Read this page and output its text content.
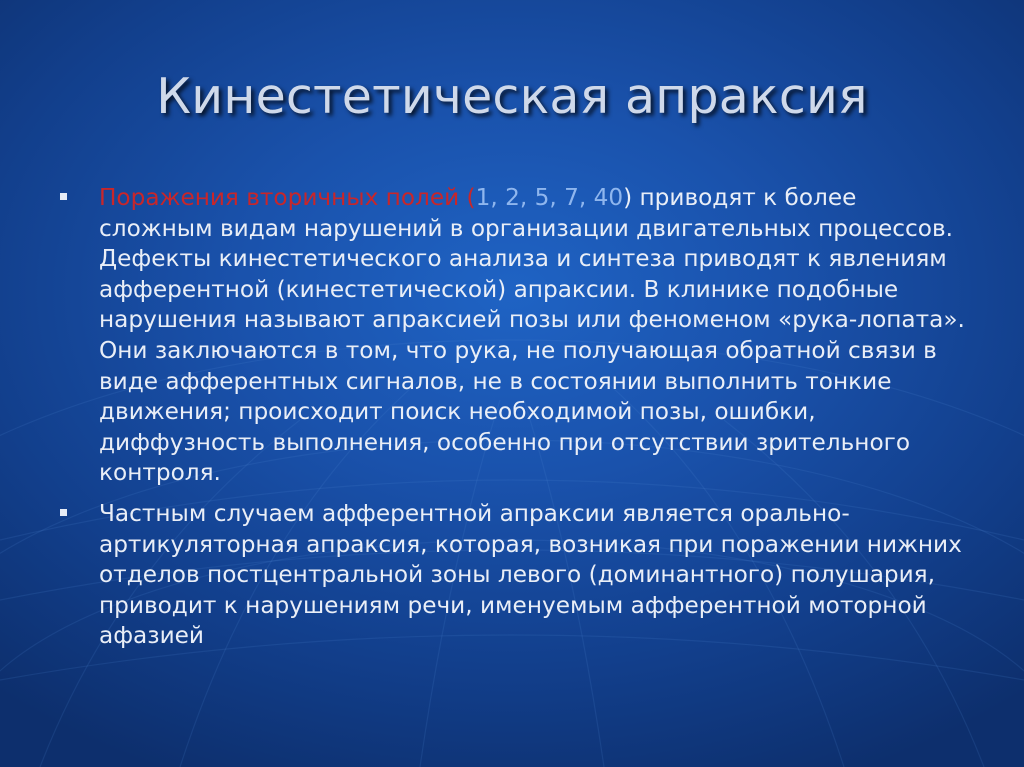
Кинестетическая апраксия
Поражения вторичных полей (1, 2, 5, 7, 40) приводят к более сложным видам нарушений в организации двигательных процессов. Дефекты кинестетического анализа и синтеза приводят к явлениям афферентной (кинестетической) апраксии. В клинике подобные нарушения называют апраксией позы или феноменом «рука-лопата». Они заключаются в том, что рука, не получающая обратной связи в виде афферентных сигналов, не в состоянии выполнить тонкие движения; происходит поиск необходимой позы, ошибки, диффузность выполнения, особенно при отсутствии зрительного контроля.
Частным случаем афферентной апраксии является орально-артикуляторная апраксия, которая, возникая при поражении нижних отделов постцентральной зоны левого (доминантного) полушария, приводит к нарушениям речи, именуемым афферентной моторной афазией
